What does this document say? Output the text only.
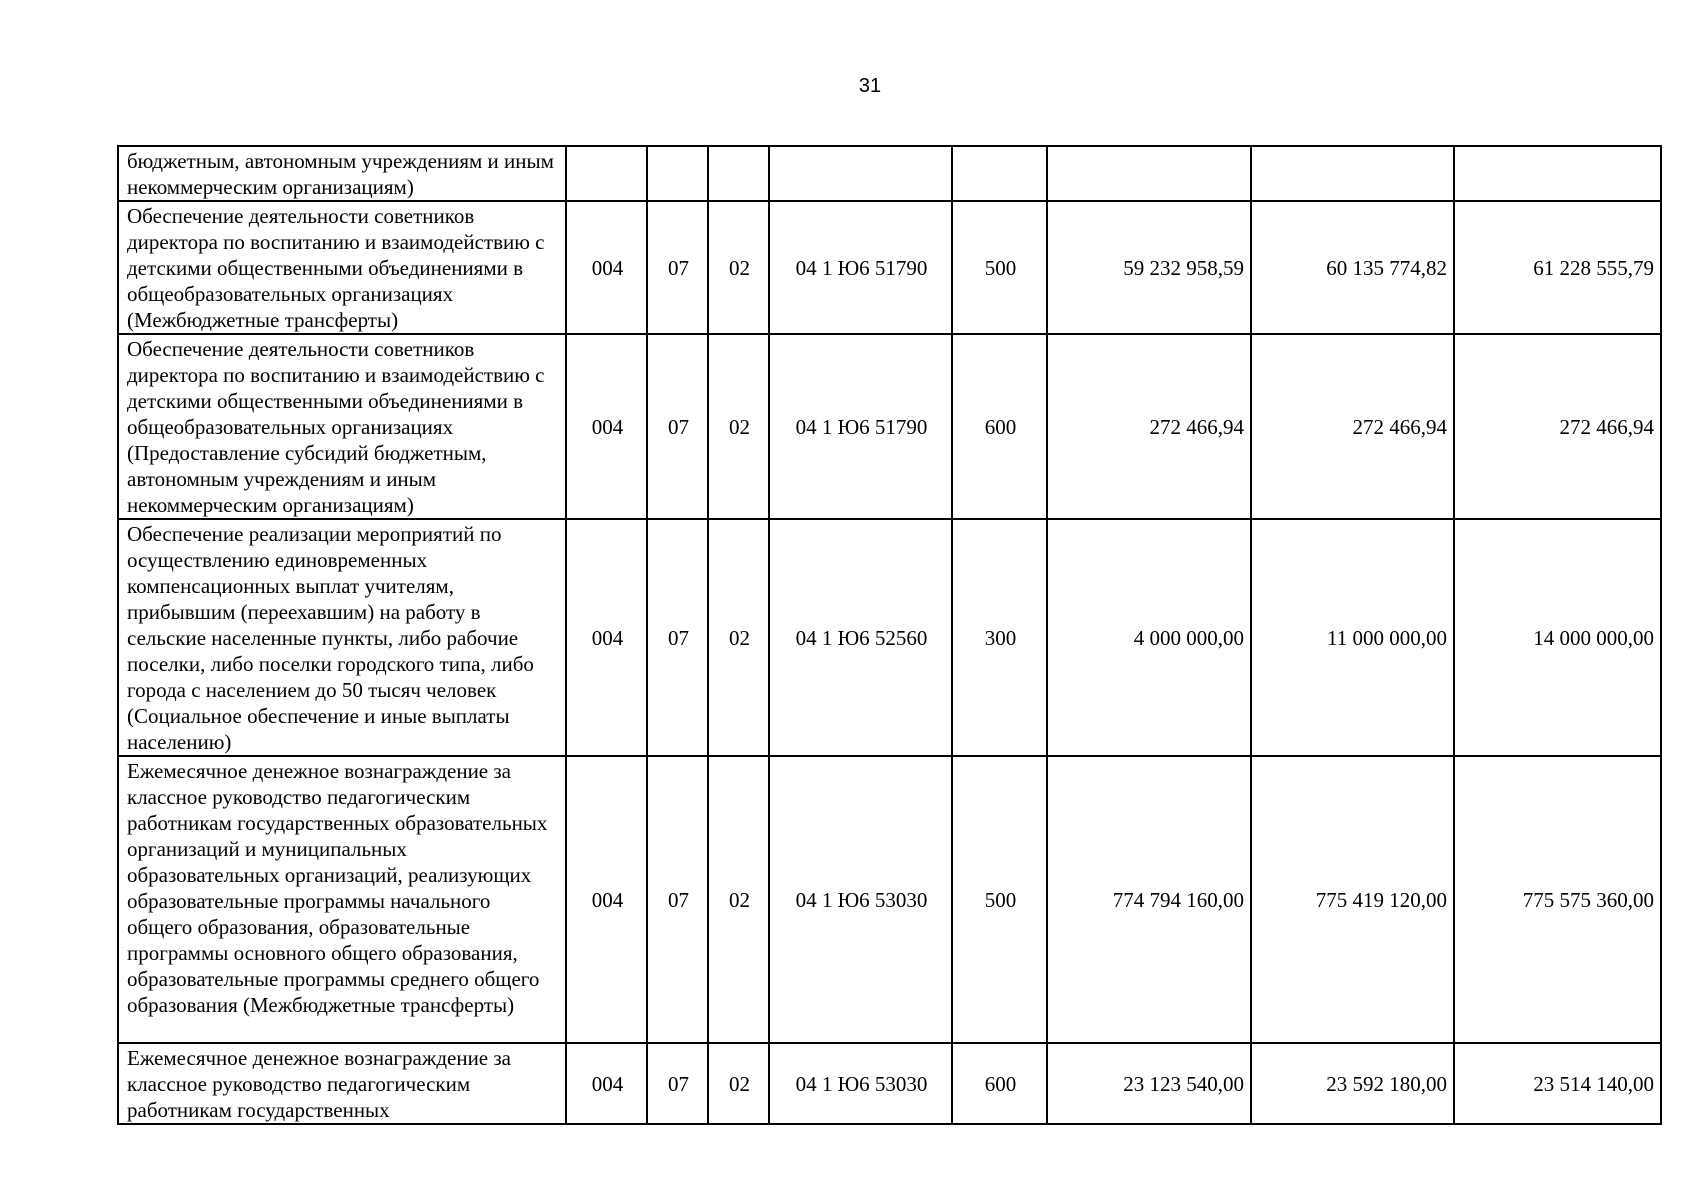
31
бюджетным, автономным учреждениям и иным некоммерческим организациям)								
Обеспечение деятельности советников директора по воспитанию и взаимодействию с детскими общественными объединениями в общеобразовательных организациях (Межбюджетные трансферты)	004	07	02	04 1 Ю6 51790	500	59 232 958,59	60 135 774,82	61 228 555,79
Обеспечение деятельности советников директора по воспитанию и взаимодействию с детскими общественными объединениями в общеобразовательных организациях (Предоставление субсидий бюджетным, автономным учреждениям и иным некоммерческим организациям)	004	07	02	04 1 Ю6 51790	600	272 466,94	272 466,94	272 466,94
Обеспечение реализации мероприятий по осуществлению единовременных компенсационных выплат учителям, прибывшим (переехавшим) на работу в сельские населенные пункты, либо рабочие поселки, либо поселки городского типа, либо города с населением до 50 тысяч человек (Социальное обеспечение и иные выплаты населению)	004	07	02	04 1 Ю6 52560	300	4 000 000,00	11 000 000,00	14 000 000,00
Ежемесячное денежное вознаграждение за классное руководство педагогическим работникам государственных образовательных организаций и муниципальных образовательных организаций, реализующих образовательные программы начального общего образования, образовательные программы основного общего образования, образовательные программы среднего общего образования (Межбюджетные трансферты)	004	07	02	04 1 Ю6 53030	500	774 794 160,00	775 419 120,00	775 575 360,00
Ежемесячное денежное вознаграждение за классное руководство педагогическим работникам государственных	004	07	02	04 1 Ю6 53030	600	23 123 540,00	23 592 180,00	23 514 140,00
